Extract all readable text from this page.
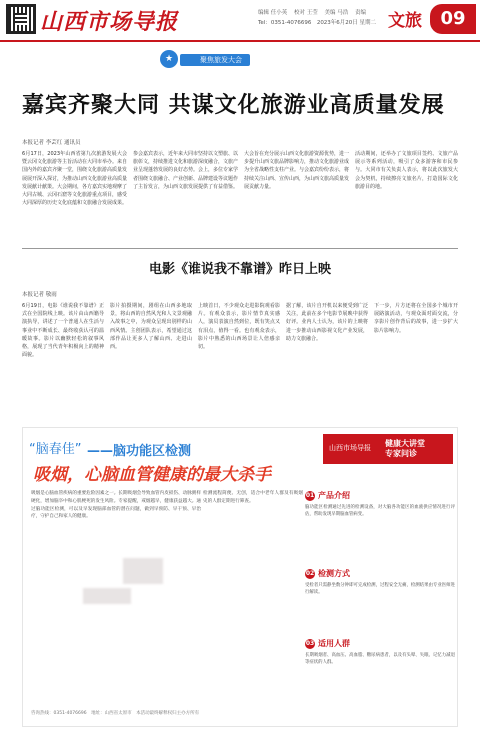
山西市场导报	编辑 任小英 校对 王莹 美编 马浩 责编
Tel：0351-4076696　2023年6月20日 星期二 文旅	09
★	聚焦旅发大会
嘉宾齐聚大同 共谋文化旅游业高质量发展
本报记者 李芸红 通讯员
6月17日，2023年山西省第九次旅游发展大会暨云冈文化旅游等主旨活动在大同市举办。来自国内外的嘉宾齐聚一堂，围绕文化旅游高质量发展展开深入探讨，为推动山西文化旅游业高质量发展献计献策。大会期间，各方嘉宾实地观摩了大同古城、云冈石窟等文化旅游重点项目，感受大同深厚的历史文化底蕴和文旅融合发展成果。
参会嘉宾表示，近年来大同市坚持以文塑旅、以旅彰文，持续推进文化和旅游深度融合，文旅产业呈现蓬勃发展的良好态势。会上，多位专家学者围绕文旅融合、产业创新、品牌建设等议题作了主旨发言，为山西文旅发展提供了有益借鉴。
大会旨在充分展示山西文化旅游资源优势，进一步提升山西文旅品牌影响力，推动文化旅游业成为全省战略性支柱产业。与会嘉宾纷纷表示，将持续关注山西、宣传山西，为山西文旅高质量发展贡献力量。
活动期间，还举办了文旅项目签约、文旅产品展示等系列活动，吸引了众多游客和市民参与。大同市有关负责人表示，将以此次旅发大会为契机，持续擦亮文旅名片，打造国际文化旅游目的地。
电影《谁说我不靠谱》昨日上映
本报记者 敬雨
6月19日，电影《谁说我不靠谱》正式在全国院线上映。该片由山西籍导演执导，讲述了一个普通人在生活与事业中不断成长、最终收获认可的温暖故事。影片以幽默轻松的叙事风格，展现了当代青年积极向上的精神面貌。
影片拍摄期间，剧组在山西多地取景，将山西的自然风光和人文景观融入故事之中，为观众呈现出别样的山西风情。主创团队表示，希望通过这部作品让更多人了解山西、走进山西。
上映首日，不少观众走进影院观看影片。有观众表示，影片情节真实感人，演员表演自然到位，既有笑点又有泪点，值得一看。也有观众表示，影片中熟悉的山西场景让人倍感亲切。
据了解，该片自开机以来便受到广泛关注，此前在多个电影节展映中获得好评。业内人士认为，该片的上映将进一步推动山西影视文化产业发展，助力文旅融合。
下一步，片方还将在全国多个城市开展路演活动，与观众面对面交流，分享影片创作背后的故事，进一步扩大影片影响力。
“脑春佳” ——脑功能区检测
吸烟，心脑血管健康的最大杀手
山西市场导报 健康大讲堂
专家问诊
吸烟是心脑血管疾病的重要危险因素之一。长期吸烟会导致血管内皮损伤、动脉粥样硬化，增加脑卒中和心肌梗死的发生风险。专家提醒，戒烟越早，健康获益越大。通过脑功能区检测，可以及早发现脑部血管的潜在问题，做到早预防、早干预、早治疗，守护自己和家人的健康。
检测流程简便、无创，适合中老年人群及有吸烟史的人群定期进行筛查。
01 产品介绍
脑功能区检测通过先进的检测设备，对大脑各功能区的血液供应情况进行评估，帮助发现早期脑血管病变。
02 检测方式
受检者只需静坐数分钟即可完成检测，过程安全无痛，检测结果由专业医师进行解读。
03 适用人群
长期吸烟者、高血压、高血脂、糖尿病患者，以及有头晕、失眠、记忆力减退等症状的人群。
咨询热线：0351-4076696　地址：山西省太原市　本活动最终解释权归主办方所有
